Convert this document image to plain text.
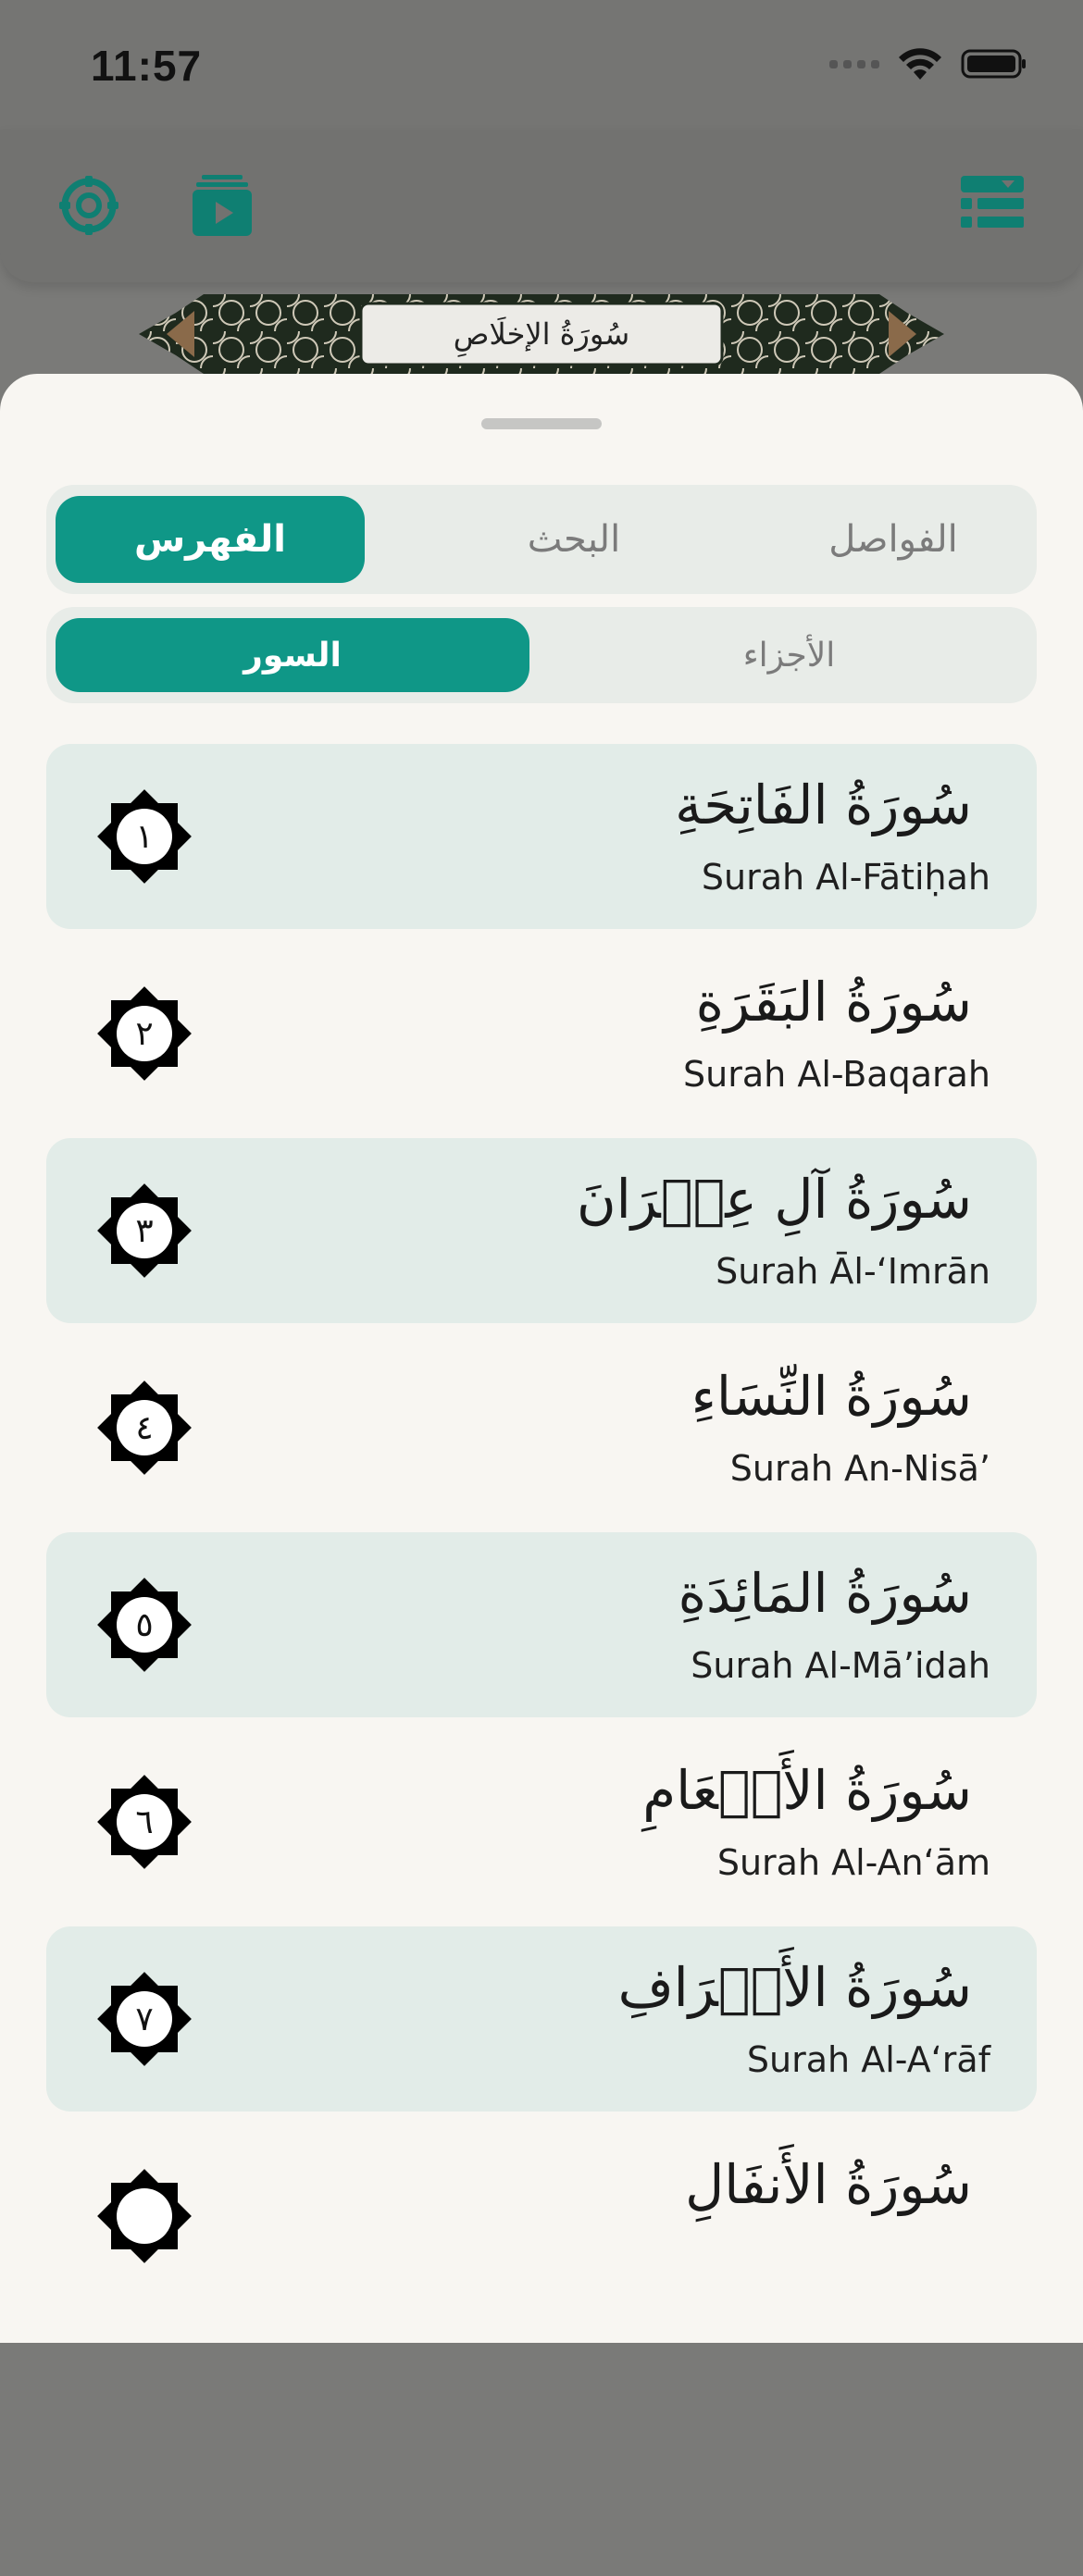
11:57
سُورَةُ الإخلَاصِ
الفواصل
البحث
الفهرس
الأجزاء
السور
سُورَةُ الفَاتِحَةِ
Surah Al-Fātiḥah
١
سُورَةُ البَقَرَةِ
Surah Al-Baqarah
٢
سُورَةُ آلِ عِمۡرَانَ
Surah Āl-‘Imrān
٣
سُورَةُ النِّسَاءِ
Surah An-Nisā’
٤
سُورَةُ المَائِدَةِ
Surah Al-Mā’idah
٥
سُورَةُ الأَنۡعَامِ
Surah Al-An‘ām
٦
سُورَةُ الأَعۡرَافِ
Surah Al-A‘rāf
٧
سُورَةُ الأَنفَالِ
